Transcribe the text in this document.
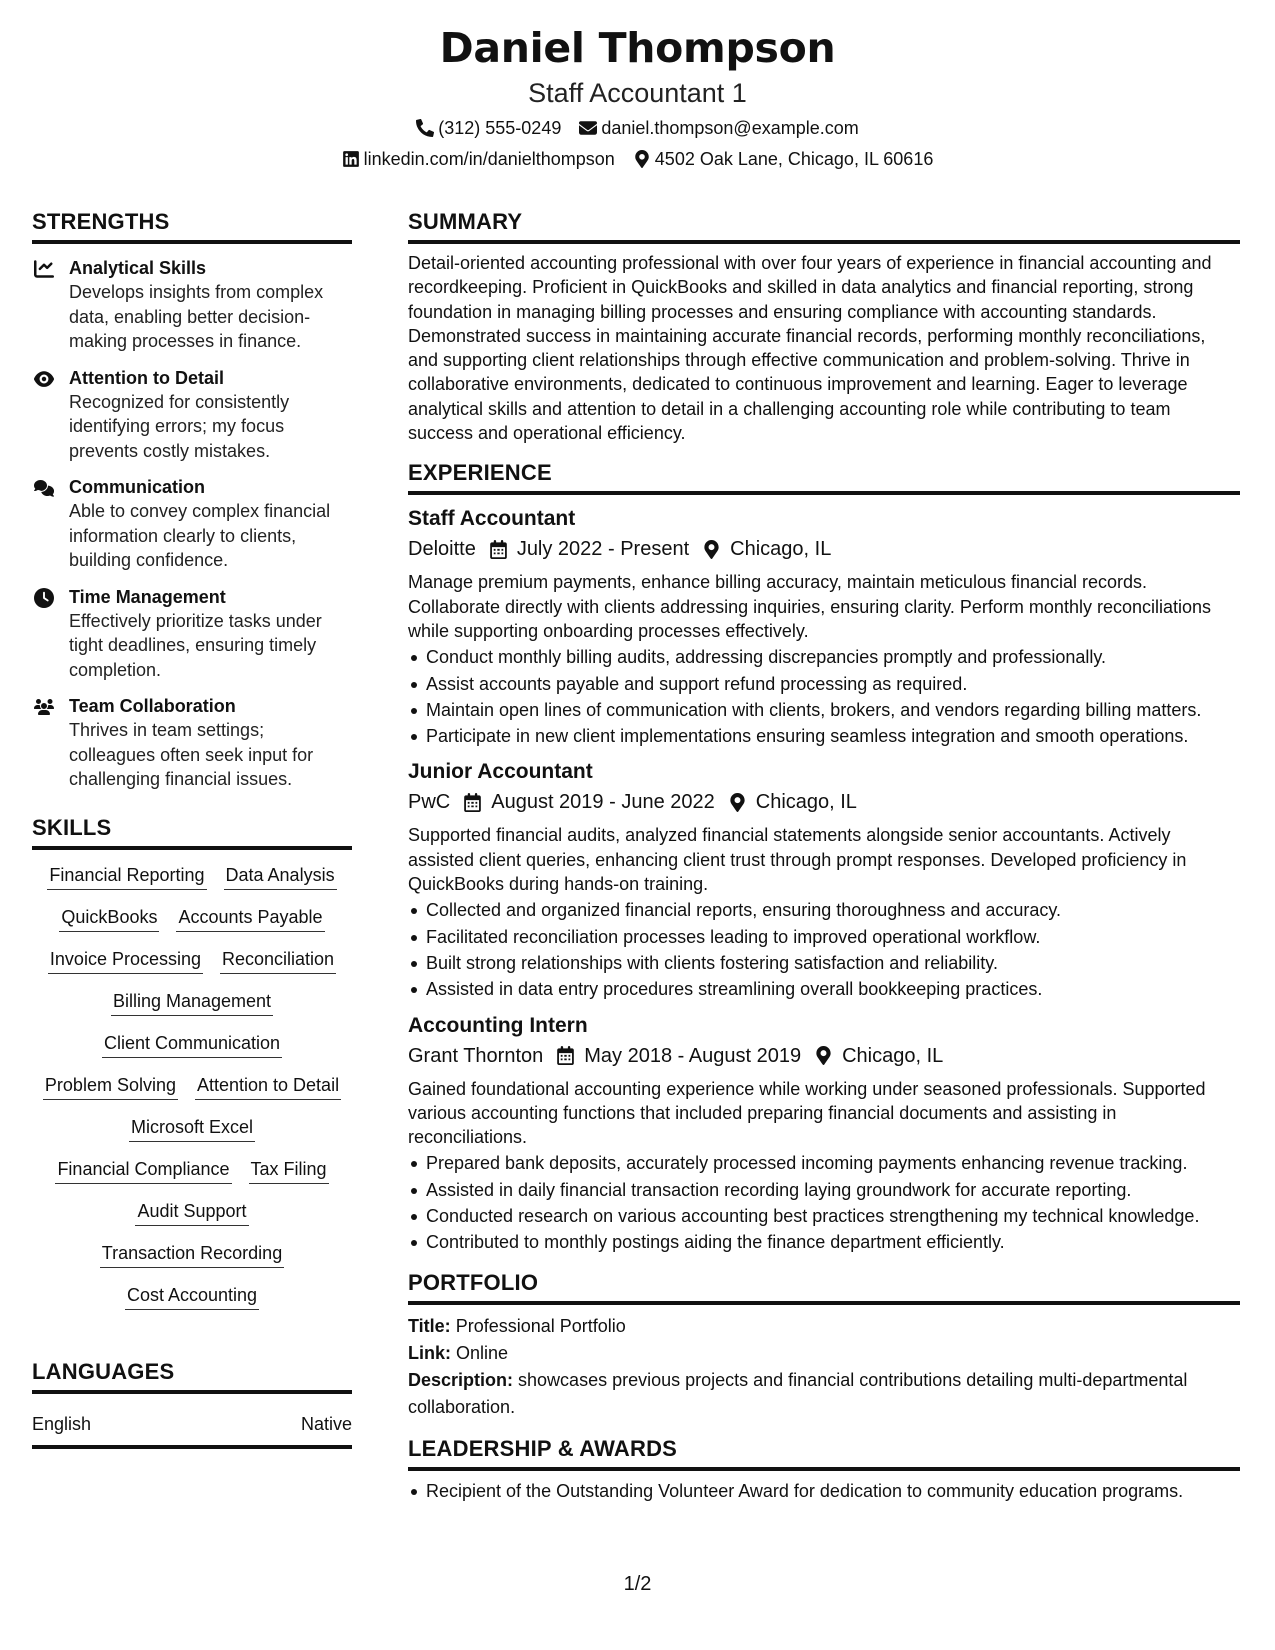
Daniel Thompson
Staff Accountant 1
(312) 555-0249 daniel.thompson@example.com
linkedin.com/in/danielthompson 4502 Oak Lane, Chicago, IL 60616
STRENGTHS
Analytical Skills
Develops insights from complex data, enabling better decision-making processes in finance.
Attention to Detail
Recognized for consistently identifying errors; my focus prevents costly mistakes.
Communication
Able to convey complex financial information clearly to clients, building confidence.
Time Management
Effectively prioritize tasks under tight deadlines, ensuring timely completion.
Team Collaboration
Thrives in team settings; colleagues often seek input for challenging financial issues.
SKILLS
Financial Reporting Data Analysis
QuickBooks Accounts Payable
Invoice Processing Reconciliation
Billing Management
Client Communication
Problem Solving Attention to Detail
Microsoft Excel
Financial Compliance Tax Filing
Audit Support
Transaction Recording
Cost Accounting
LANGUAGES
English	Native
SUMMARY
Detail-oriented accounting professional with over four years of experience in financial accounting and recordkeeping. Proficient in QuickBooks and skilled in data analytics and financial reporting, strong foundation in managing billing processes and ensuring compliance with accounting standards. Demonstrated success in maintaining accurate financial records, performing monthly reconciliations, and supporting client relationships through effective communication and problem-solving. Thrive in collaborative environments, dedicated to continuous improvement and learning. Eager to leverage analytical skills and attention to detail in a challenging accounting role while contributing to team success and operational efficiency.
EXPERIENCE
Staff Accountant
Deloitte July 2022 - Present Chicago, IL
Manage premium payments, enhance billing accuracy, maintain meticulous financial records. Collaborate directly with clients addressing inquiries, ensuring clarity. Perform monthly reconciliations while supporting onboarding processes effectively.
Conduct monthly billing audits, addressing discrepancies promptly and professionally.
Assist accounts payable and support refund processing as required.
Maintain open lines of communication with clients, brokers, and vendors regarding billing matters.
Participate in new client implementations ensuring seamless integration and smooth operations.
Junior Accountant
PwC August 2019 - June 2022 Chicago, IL
Supported financial audits, analyzed financial statements alongside senior accountants. Actively assisted client queries, enhancing client trust through prompt responses. Developed proficiency in QuickBooks during hands-on training.
Collected and organized financial reports, ensuring thoroughness and accuracy.
Facilitated reconciliation processes leading to improved operational workflow.
Built strong relationships with clients fostering satisfaction and reliability.
Assisted in data entry procedures streamlining overall bookkeeping practices.
Accounting Intern
Grant Thornton May 2018 - August 2019 Chicago, IL
Gained foundational accounting experience while working under seasoned professionals. Supported various accounting functions that included preparing financial documents and assisting in reconciliations.
Prepared bank deposits, accurately processed incoming payments enhancing revenue tracking.
Assisted in daily financial transaction recording laying groundwork for accurate reporting.
Conducted research on various accounting best practices strengthening my technical knowledge.
Contributed to monthly postings aiding the finance department efficiently.
PORTFOLIO
Title: Professional Portfolio
Link: Online
Description: showcases previous projects and financial contributions detailing multi-departmental collaboration.
LEADERSHIP & AWARDS
Recipient of the Outstanding Volunteer Award for dedication to community education programs.
1/2
